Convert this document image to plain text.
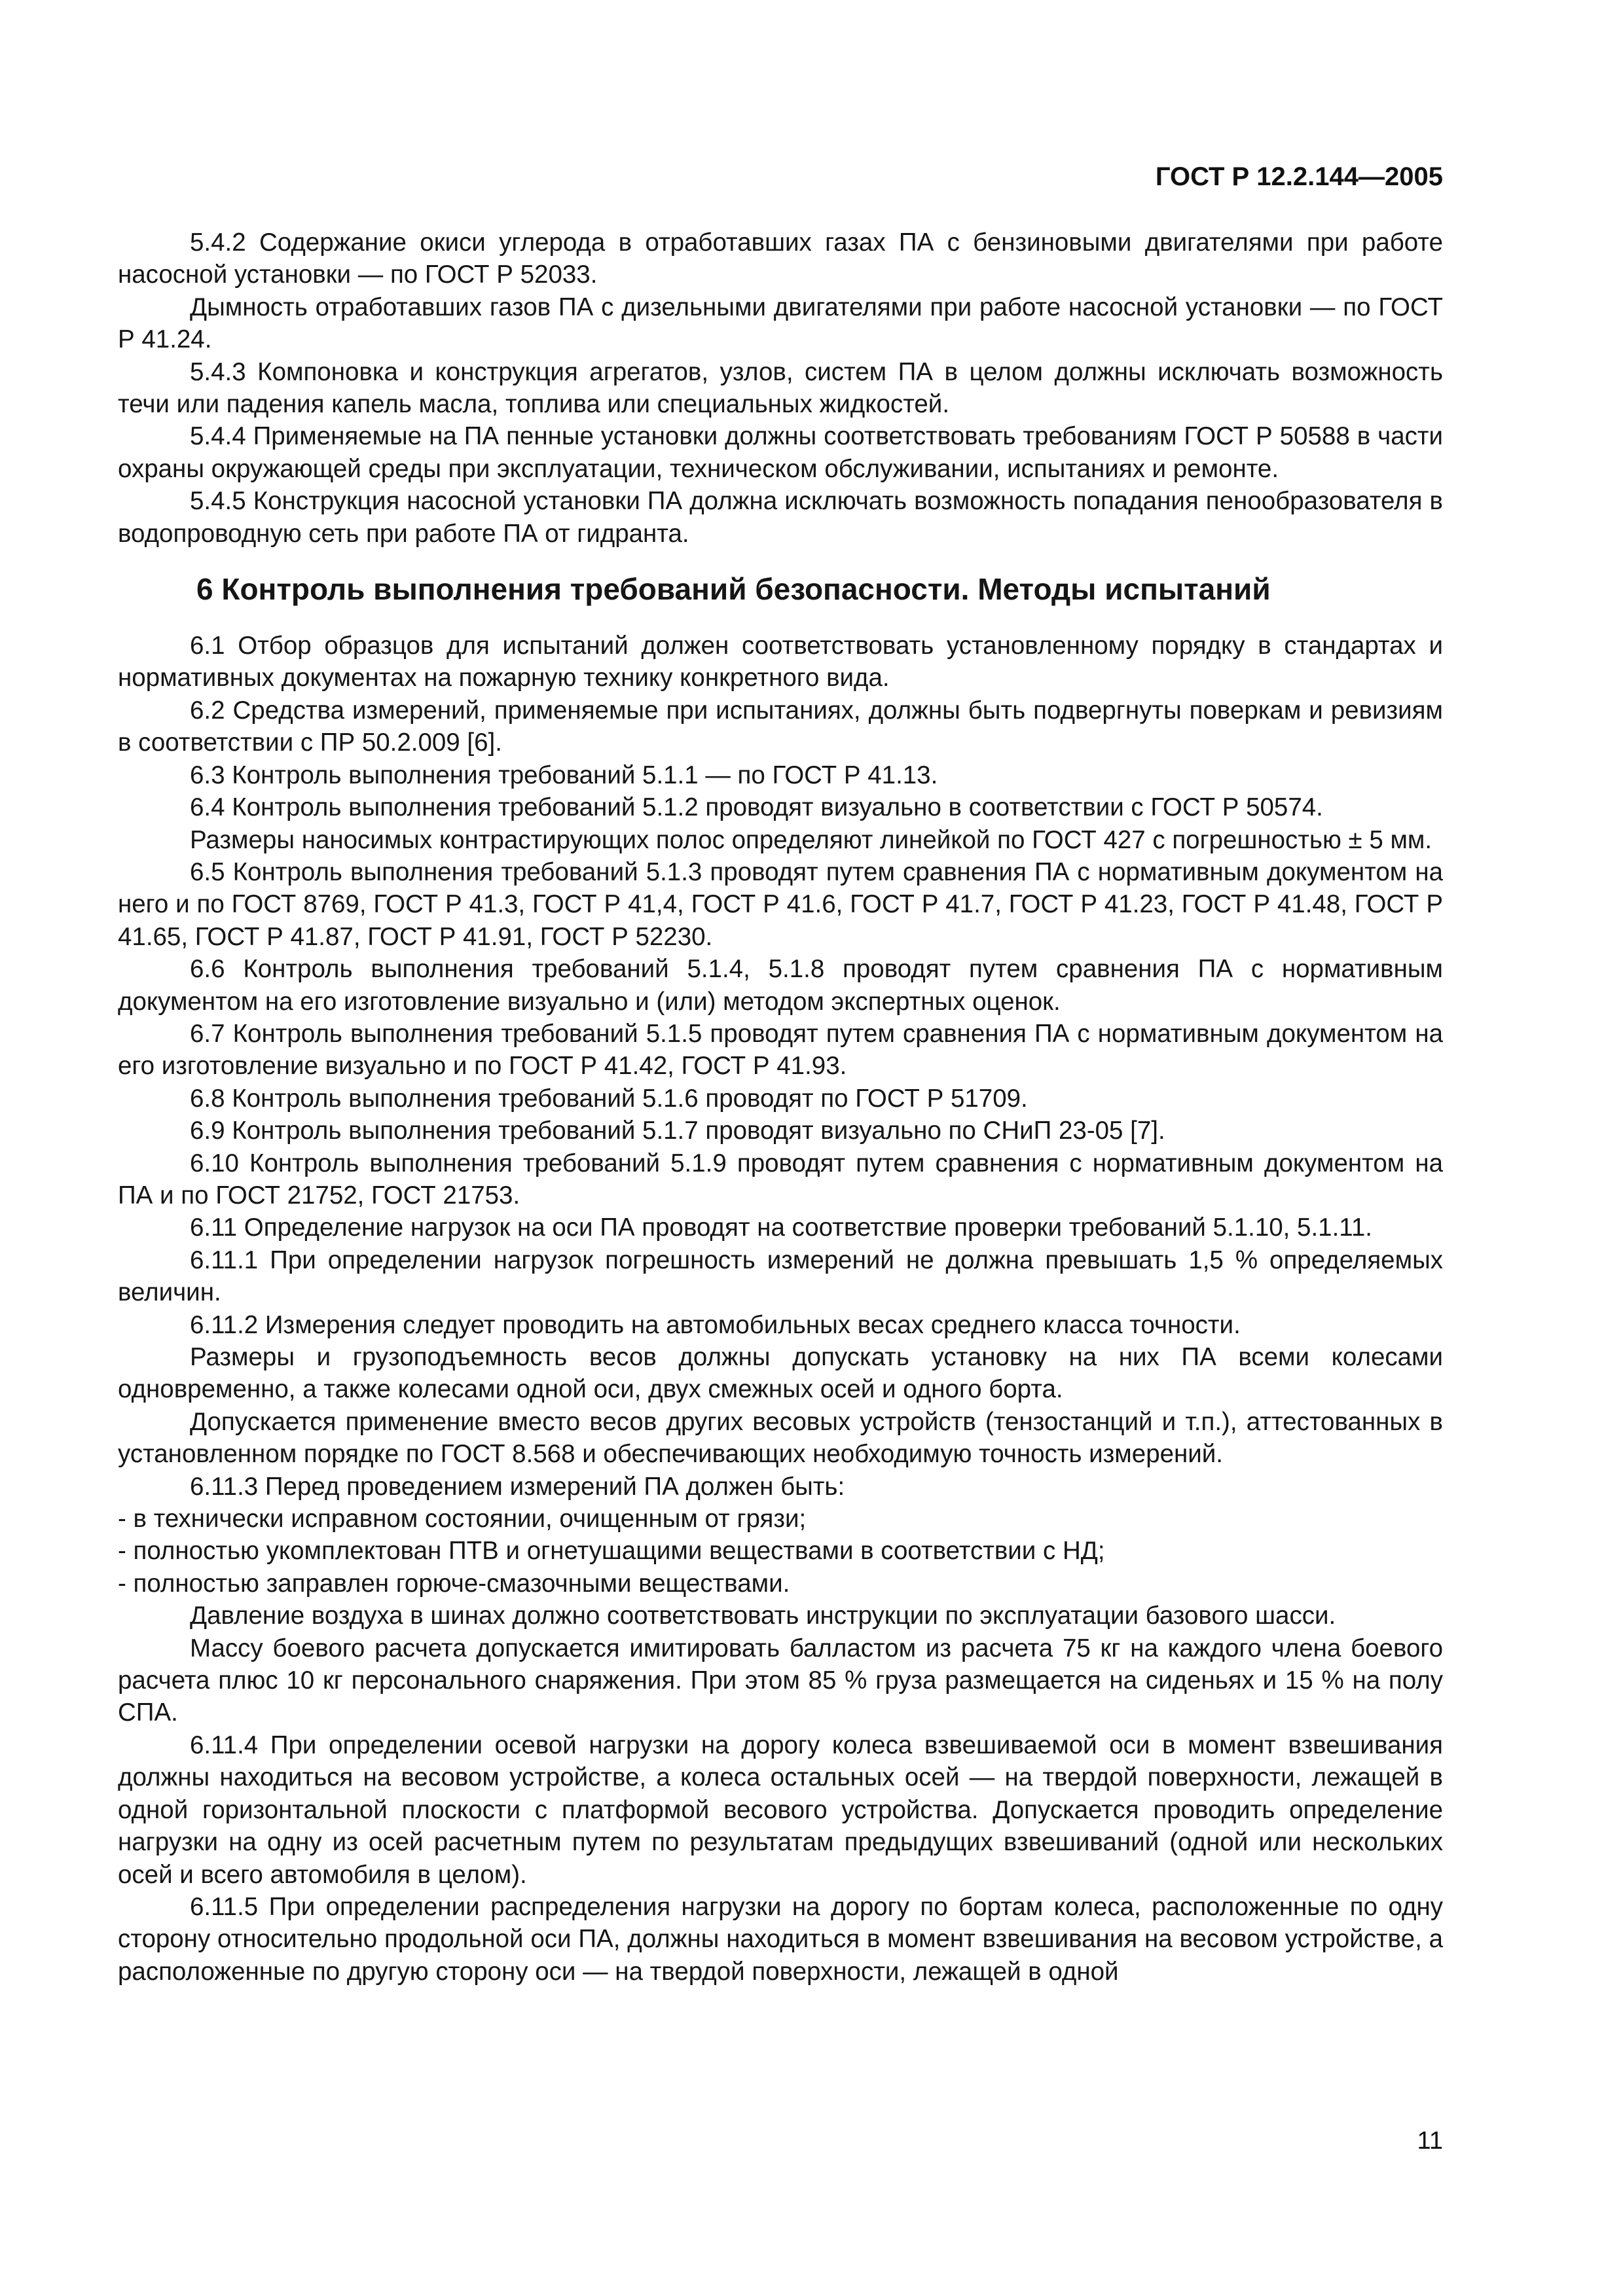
ГОСТ Р 12.2.144—2005

5.4.2 Содержание окиси углерода в отработавших газах ПА с бензиновыми двигателями при работе насосной установки — по ГОСТ Р 52033.

Дымность отработавших газов ПА с дизельными двигателями при работе насосной установки — по ГОСТ Р 41.24.

5.4.3 Компоновка и конструкция агрегатов, узлов, систем ПА в целом должны исключать возможность течи или падения капель масла, топлива или специальных жидкостей.

5.4.4 Применяемые на ПА пенные установки должны соответствовать требованиям ГОСТ Р 50588 в части охраны окружающей среды при эксплуатации, техническом обслуживании, испытаниях и ремонте.

5.4.5 Конструкция насосной установки ПА должна исключать возможность попадания пенообразователя в водопроводную сеть при работе ПА от гидранта.

6 Контроль выполнения требований безопасности. Методы испытаний

6.1 Отбор образцов для испытаний должен соответствовать установленному порядку в стандартах и нормативных документах на пожарную технику конкретного вида.

6.2 Средства измерений, применяемые при испытаниях, должны быть подвергнуты поверкам и ревизиям в соответствии с ПР 50.2.009 [6].

6.3 Контроль выполнения требований 5.1.1 — по ГОСТ Р 41.13.

6.4 Контроль выполнения требований 5.1.2 проводят визуально в соответствии с ГОСТ Р 50574.

Размеры наносимых контрастирующих полос определяют линейкой по ГОСТ 427 с погрешностью ± 5 мм.

6.5 Контроль выполнения требований 5.1.3 проводят путем сравнения ПА с нормативным документом на него и по ГОСТ 8769, ГОСТ Р 41.3, ГОСТ Р 41,4, ГОСТ Р 41.6, ГОСТ Р 41.7, ГОСТ Р 41.23, ГОСТ Р 41.48, ГОСТ Р 41.65, ГОСТ Р 41.87, ГОСТ Р 41.91, ГОСТ Р 52230.

6.6 Контроль выполнения требований 5.1.4, 5.1.8 проводят путем сравнения ПА с нормативным документом на его изготовление визуально и (или) методом экспертных оценок.

6.7 Контроль выполнения требований 5.1.5 проводят путем сравнения ПА с нормативным документом на его изготовление визуально и по ГОСТ Р 41.42, ГОСТ Р 41.93.

6.8 Контроль выполнения требований 5.1.6 проводят по ГОСТ Р 51709.

6.9 Контроль выполнения требований 5.1.7 проводят визуально по СНиП 23-05 [7].

6.10 Контроль выполнения требований 5.1.9 проводят путем сравнения с нормативным документом на ПА и по ГОСТ 21752, ГОСТ 21753.

6.11 Определение нагрузок на оси ПА проводят на соответствие проверки требований 5.1.10, 5.1.11.

6.11.1 При определении нагрузок погрешность измерений не должна превышать 1,5 % определяемых величин.

6.11.2 Измерения следует проводить на автомобильных весах среднего класса точности.

Размеры и грузоподъемность весов должны допускать установку на них ПА всеми колесами одновременно, а также колесами одной оси, двух смежных осей и одного борта.

Допускается применение вместо весов других весовых устройств (тензостанций и т.п.), аттестованных в установленном порядке по ГОСТ 8.568 и обеспечивающих необходимую точность измерений.

6.11.3 Перед проведением измерений ПА должен быть:

- в технически исправном состоянии, очищенным от грязи;

- полностью укомплектован ПТВ и огнетушащими веществами в соответствии с НД;

- полностью заправлен горюче-смазочными веществами.

Давление воздуха в шинах должно соответствовать инструкции по эксплуатации базового шасси.

Массу боевого расчета допускается имитировать балластом из расчета 75 кг на каждого члена боевого расчета плюс 10 кг персонального снаряжения. При этом 85 % груза размещается на сиденьях и 15 % на полу СПА.

6.11.4 При определении осевой нагрузки на дорогу колеса взвешиваемой оси в момент взвешивания должны находиться на весовом устройстве, а колеса остальных осей — на твердой поверхности, лежащей в одной горизонтальной плоскости с платформой весового устройства. Допускается проводить определение нагрузки на одну из осей расчетным путем по результатам предыдущих взвешиваний (одной или нескольких осей и всего автомобиля в целом).

6.11.5 При определении распределения нагрузки на дорогу по бортам колеса, расположенные по одну сторону относительно продольной оси ПА, должны находиться в момент взвешивания на весовом устройстве, а расположенные по другую сторону оси — на твердой поверхности, лежащей в одной

11
